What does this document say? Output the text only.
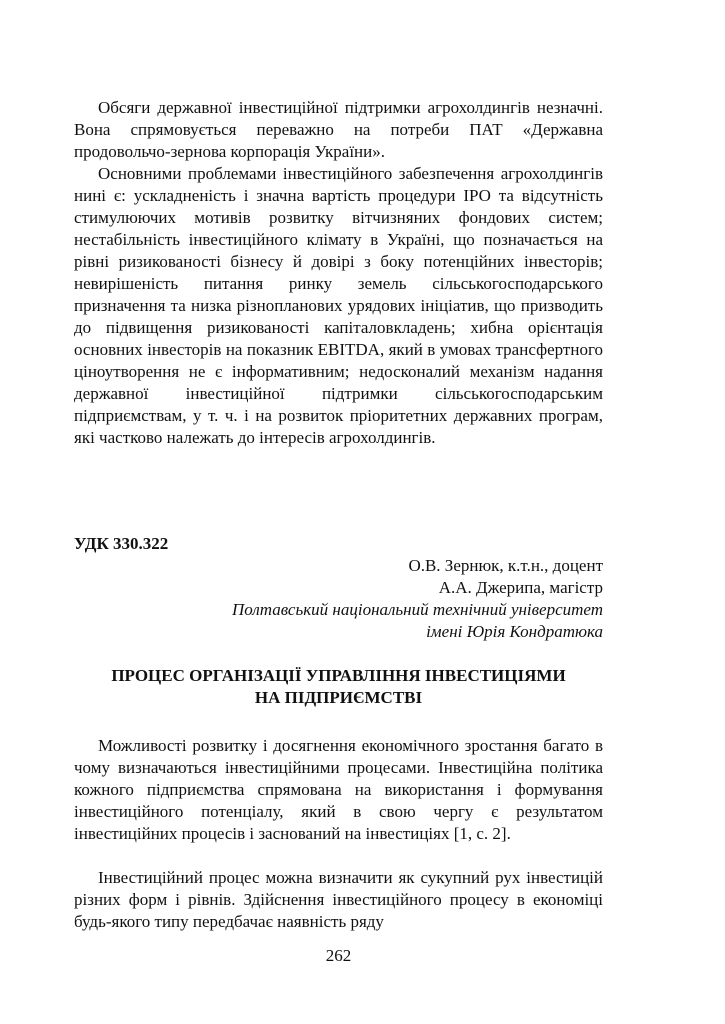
Обсяги державної інвестиційної підтримки агрохолдингів незначні. Вона спрямовується переважно на потреби ПАТ «Державна продовольчо-зернова корпорація України».

Основними проблемами інвестиційного забезпечення агрохолдингів нині є: ускладненість і значна вартість процедури ІРО та відсутність стимулюючих мотивів розвитку вітчизняних фондових систем; нестабільність інвестиційного клімату в Україні, що позначається на рівні ризикованості бізнесу й довірі з боку потенційних інвесторів; невирішеність питання ринку земель сільськогосподарського призначення та низка різнопланових урядових ініціатив, що призводить до підвищення ризикованості капіталовкладень; хибна орієнтація основних інвесторів на показник EBITDA, який в умовах трансфертного ціноутворення не є інформативним; недосконалий механізм надання державної інвестиційної підтримки сільськогосподарським підприємствам, у т. ч. і на розвиток пріоритетних державних програм, які частково належать до інтересів агрохолдингів.

УДК 330.322

О.В. Зернюк, к.т.н., доцент
А.А. Джерипа, магістр
Полтавський національний технічний університет
імені Юрія Кондратюка
ПРОЦЕС ОРГАНІЗАЦІЇ УПРАВЛІННЯ ІНВЕСТИЦІЯМИ
НА ПІДПРИЄМСТВІ

Можливості розвитку і досягнення економічного зростання багато в чому визначаються інвестиційними процесами. Інвестиційна політика кожного підприємства спрямована на використання і формування інвестиційного потенціалу, який в свою чергу є результатом інвестиційних процесів і заснований на інвестиціях [1, с. 2].

Інвестиційний процес можна визначити як сукупний рух інвестицій різних форм і рівнів. Здійснення інвестиційного процесу в економіці будь-якого типу передбачає наявність ряду

262
